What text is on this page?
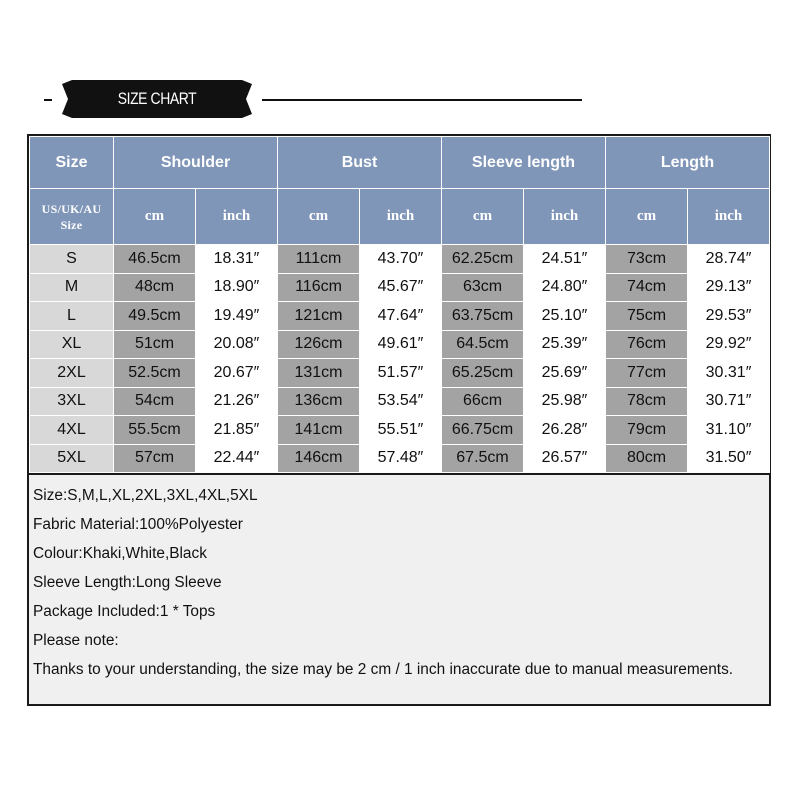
SIZE CHART
Size	Shoulder		Bust		Sleeve length		Length	

US/UK/AU
Size	cm	inch	cm	inch	cm	inch	cm	inch
S	46.5cm	18.31″	111cm	43.70″	62.25cm	24.51″	73cm	28.74″
M	48cm	18.90″	116cm	45.67″	63cm	24.80″	74cm	29.13″
L	49.5cm	19.49″	121cm	47.64″	63.75cm	25.10″	75cm	29.53″
XL	51cm	20.08″	126cm	49.61″	64.5cm	25.39″	76cm	29.92″
2XL	52.5cm	20.67″	131cm	51.57″	65.25cm	25.69″	77cm	30.31″
3XL	54cm	21.26″	136cm	53.54″	66cm	25.98″	78cm	30.71″
4XL	55.5cm	21.85″	141cm	55.51″	66.75cm	26.28″	79cm	31.10″
5XL	57cm	22.44″	146cm	57.48″	67.5cm	26.57″	80cm	31.50″
Size:S,M,L,XL,2XL,3XL,4XL,5XL
Fabric Material:100%Polyester
Colour:Khaki,White,Black
Sleeve Length:Long Sleeve
Package Included:1 * Tops
Please note:
Thanks to your understanding, the size may be 2 cm / 1 inch inaccurate due to manual measurements.
